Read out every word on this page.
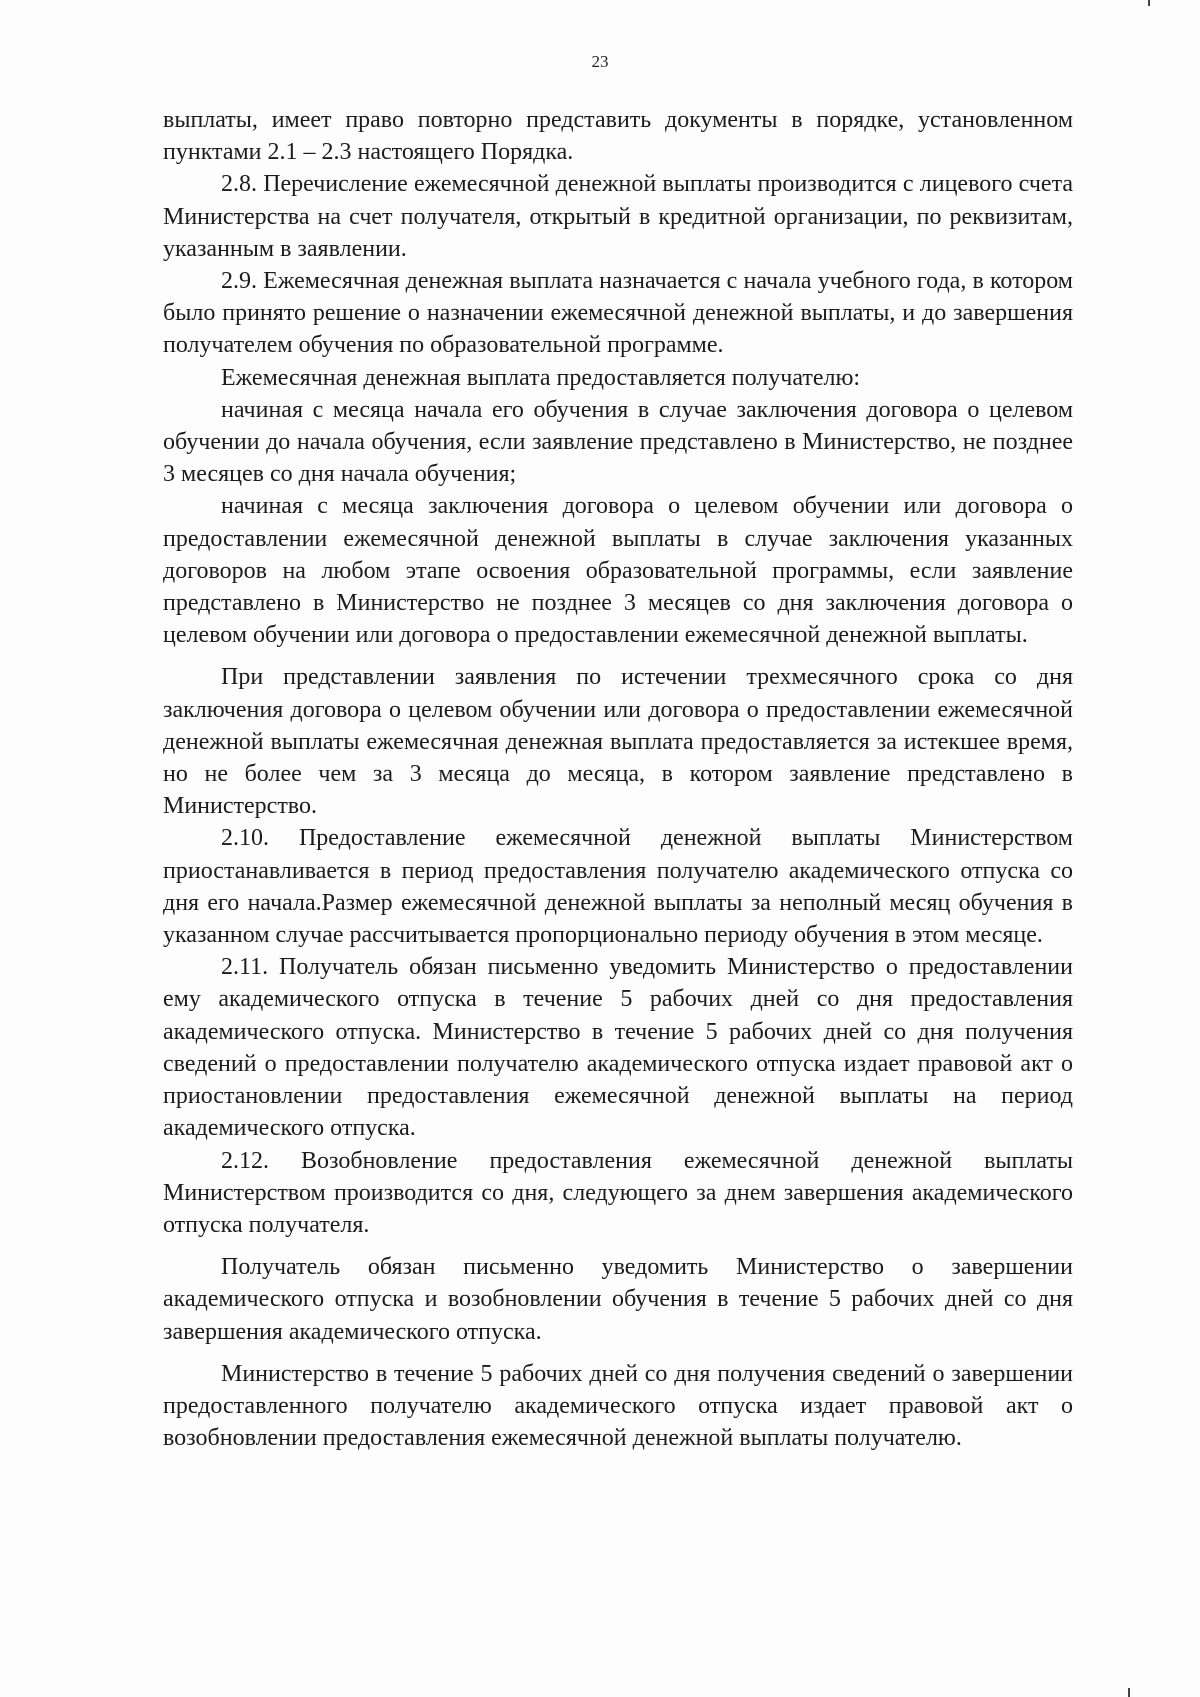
23

выплаты, имеет право повторно представить документы в порядке, установленном пунктами 2.1 – 2.3 настоящего Порядка.

2.8. Перечисление ежемесячной денежной выплаты производится с лицевого счета Министерства на счет получателя, открытый в кредитной организации, по реквизитам, указанным в заявлении.

2.9. Ежемесячная денежная выплата назначается с начала учебного года, в котором было принято решение о назначении ежемесячной денежной выплаты, и до завершения получателем обучения по образовательной программе.

Ежемесячная денежная выплата предоставляется получателю:

начиная с месяца начала его обучения в случае заключения договора о целевом обучении до начала обучения, если заявление представлено в Министерство, не позднее 3 месяцев со дня начала обучения;

начиная с месяца заключения договора о целевом обучении или договора о предоставлении ежемесячной денежной выплаты в случае заключения указанных договоров на любом этапе освоения образовательной программы, если заявление представлено в Министерство не позднее 3 месяцев со дня заключения договора о целевом обучении или договора о предоставлении ежемесячной денежной выплаты.

При представлении заявления по истечении трехмесячного срока со дня заключения договора о целевом обучении или договора о предоставлении ежемесячной денежной выплаты ежемесячная денежная выплата предоставляется за истекшее время, но не более чем за 3 месяца до месяца, в котором заявление представлено в Министерство.

2.10. Предоставление ежемесячной денежной выплаты Министерством приостанавливается в период предоставления получателю академического отпуска со дня его начала.Размер ежемесячной денежной выплаты за неполный месяц обучения в указанном случае рассчитывается пропорционально периоду обучения в этом месяце.

2.11. Получатель обязан письменно уведомить Министерство о предоставлении ему академического отпуска в течение 5 рабочих дней со дня предоставления академического отпуска. Министерство в течение 5 рабочих дней со дня получения сведений о предоставлении получателю академического отпуска издает правовой акт о приостановлении предоставления ежемесячной денежной выплаты на период академического отпуска.

2.12. Возобновление предоставления ежемесячной денежной выплаты Министерством производится со дня, следующего за днем завершения академического отпуска получателя.

Получатель обязан письменно уведомить Министерство о завершении академического отпуска и возобновлении обучения в течение 5 рабочих дней со дня завершения академического отпуска.

Министерство в течение 5 рабочих дней со дня получения сведений о завершении предоставленного получателю академического отпуска издает правовой акт о возобновлении предоставления ежемесячной денежной выплаты получателю.
